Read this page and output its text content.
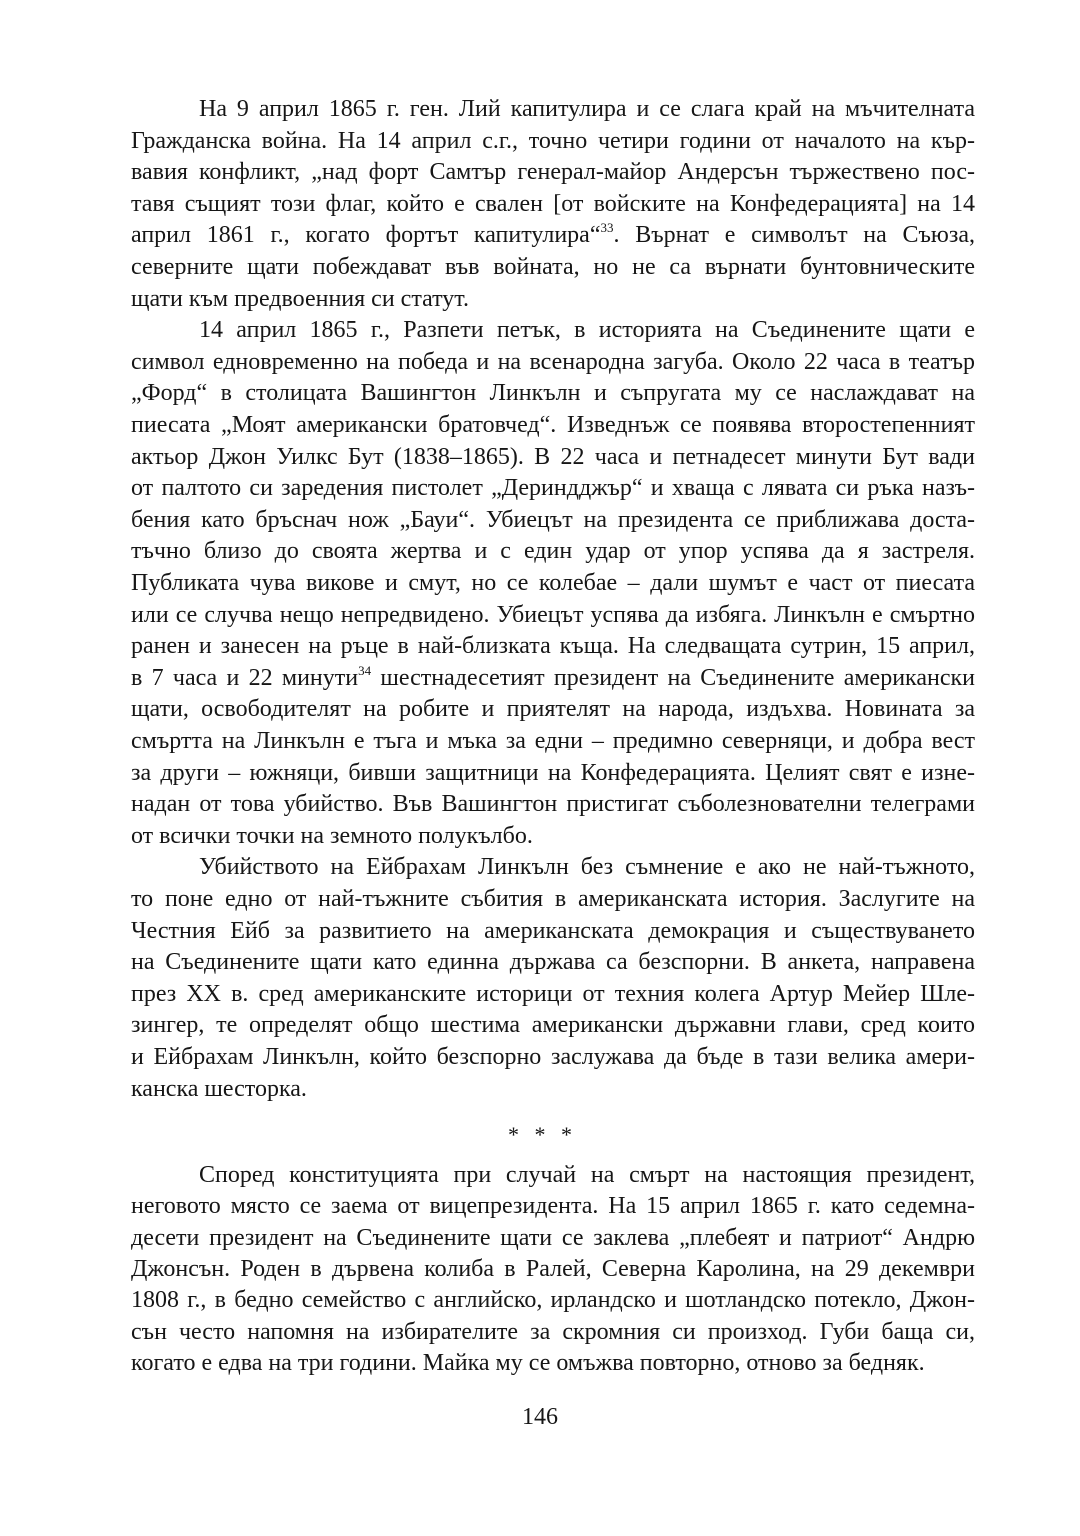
* * *
146
На 9 април 1865 г. ген. Лий капитулира и се слага край на мъчителната
Гражданска война. На 14 април с.г., точно четири години от началото на кър-
вавия конфликт, „над форт Самтър генерал-майор Андерсън тържествено пос-
тавя същият този флаг, който е свален [от войските на Конфедерацията] на 14
април 1861 г., когато фортът капитулира“$^{33}$. Върнат е символът на Съюза,
северните щати побеждават във войната, но не са върнати бунтовническите
щати към предвоенния си статут.
14 април 1865 г., Разпети петък, в историята на Съединените щати е
символ едновременно на победа и на всенародна загуба. Около 22 часа в театър
„Форд“ в столицата Вашингтон Линкълн и съпругата му се наслаждават на
пиесата „Моят американски братовчед“. Изведнъж се появява второстепенният
актьор Джон Уилкс Бут (1838–1865). В 22 часа и петнадесет минути Бут вади
от палтото си заредения пистолет „Дериндджър“ и хваща с лявата си ръка назъ-
бения като бръснач нож „Бауи“. Убиецът на президента се приближава доста-
тъчно близо до своята жертва и с един удар от упор успява да я застреля.
Публиката чува викове и смут, но се колебае – дали шумът е част от пиесата
или се случва нещо непредвидено. Убиецът успява да избяга. Линкълн е смъртно
ранен и занесен на ръце в най-близката къща. На следващата сутрин, 15 април,
в 7 часа и 22 минути$^{34}$ шестнадесетият президент на Съединените американски
щати, освободителят на робите и приятелят на народа, издъхва. Новината за
смъртта на Линкълн е тъга и мъка за едни – предимно северняци, и добра вест
за други – южняци, бивши защитници на Конфедерацията. Целият свят е изне-
надан от това убийство. Във Вашингтон пристигат съболезнователни телеграми
от всички точки на земното полукълбо.
Убийството на Ейбрахам Линкълн без съмнение е ако не най-тъжното,
то поне едно от най-тъжните събития в американската история. Заслугите на
Честния Ейб за развитието на американската демокрация и съществуването
на Съединените щати като единна държава са безспорни. В анкета, направена
през XX в. сред американските историци от техния колега Артур Мейер Шле-
зингер, те определят общо шестима американски държавни глави, сред които
и Ейбрахам Линкълн, който безспорно заслужава да бъде в тази велика амери-
канска шесторка.
Според конституцията при случай на смърт на настоящия президент,
неговото място се заема от вицепрезидента. На 15 април 1865 г. като седемна-
десети президент на Съединените щати се заклева „плебеят и патриот“ Андрю
Джонсън. Роден в дървена колиба в Ралей, Северна Каролина, на 29 декември
1808 г., в бедно семейство с английско, ирландско и шотландско потекло, Джон-
сън често напомня на избирателите за скромния си произход. Губи баща си,
когато е едва на три години. Майка му се омъжва повторно, отново за бедняк.
